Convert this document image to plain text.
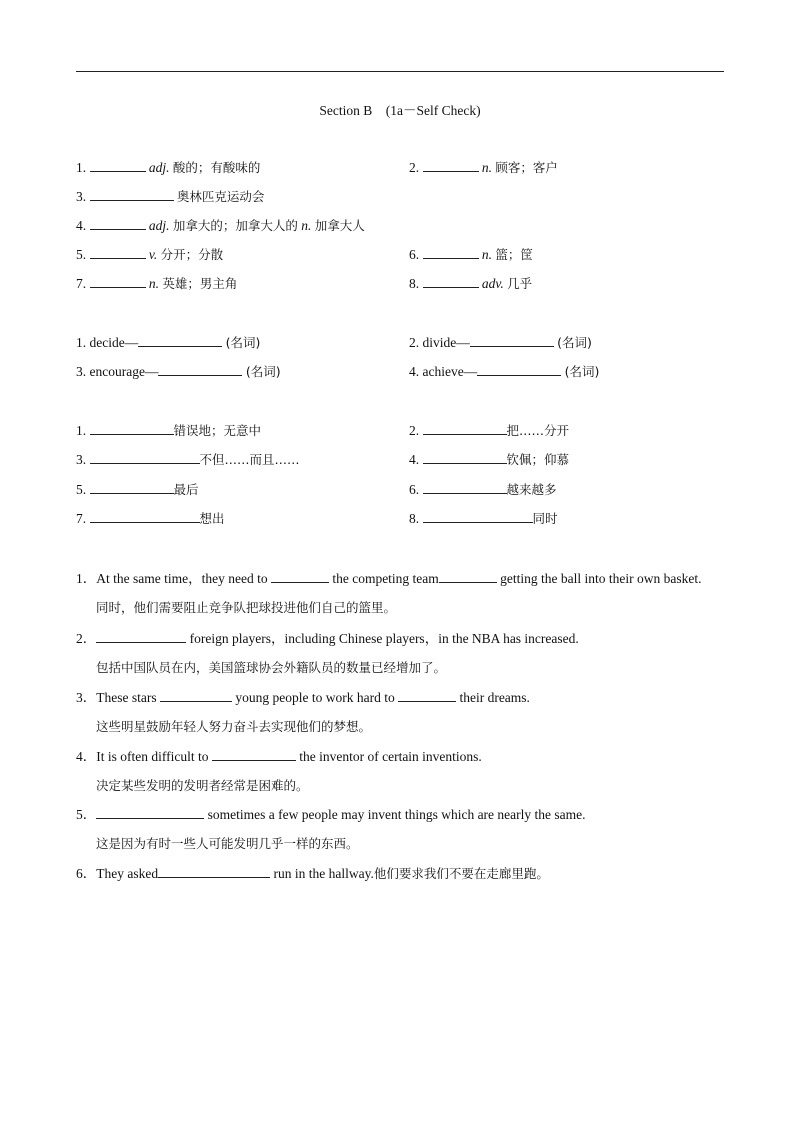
Section B　(1a－Self Check)
1.	adj. 酸的；有酸味的	2.	n. 顾客；客户
3.	奥林匹克运动会
4.	adj. 加拿大的；加拿大人的 n. 加拿大人
5.	v. 分开；分散	6.	n. 篮；筐
7.	n. 英雄；男主角	8.	adv. 几乎
1. decide—	(名词)	2. divide—	(名词)
3. encourage—	(名词)	4. achieve—	(名词)
1.	错误地；无意中	2.	把……分开
3.	不但……而且……	4.	钦佩；仰慕
5.	最后	6.	越来越多
7.	想出	8.	同时
1．At the same time，they need to	the competing team	getting the ball into their own basket.
同时，他们需要阻止竞争队把球投进他们自己的篮里。
2．	foreign players，including Chinese players，in the NBA has increased.
包括中国队员在内，美国篮球协会外籍队员的数量已经增加了。
3．These stars	young people to work hard to	their dreams.
这些明星鼓励年轻人努力奋斗去实现他们的梦想。
4．It is often difficult to	the inventor of certain inventions.
决定某些发明的发明者经常是困难的。
5．	sometimes a few people may invent things which are nearly the same.
这是因为有时一些人可能发明几乎一样的东西。
6．They asked	run in the hallway.他们要求我们不要在走廊里跑。
